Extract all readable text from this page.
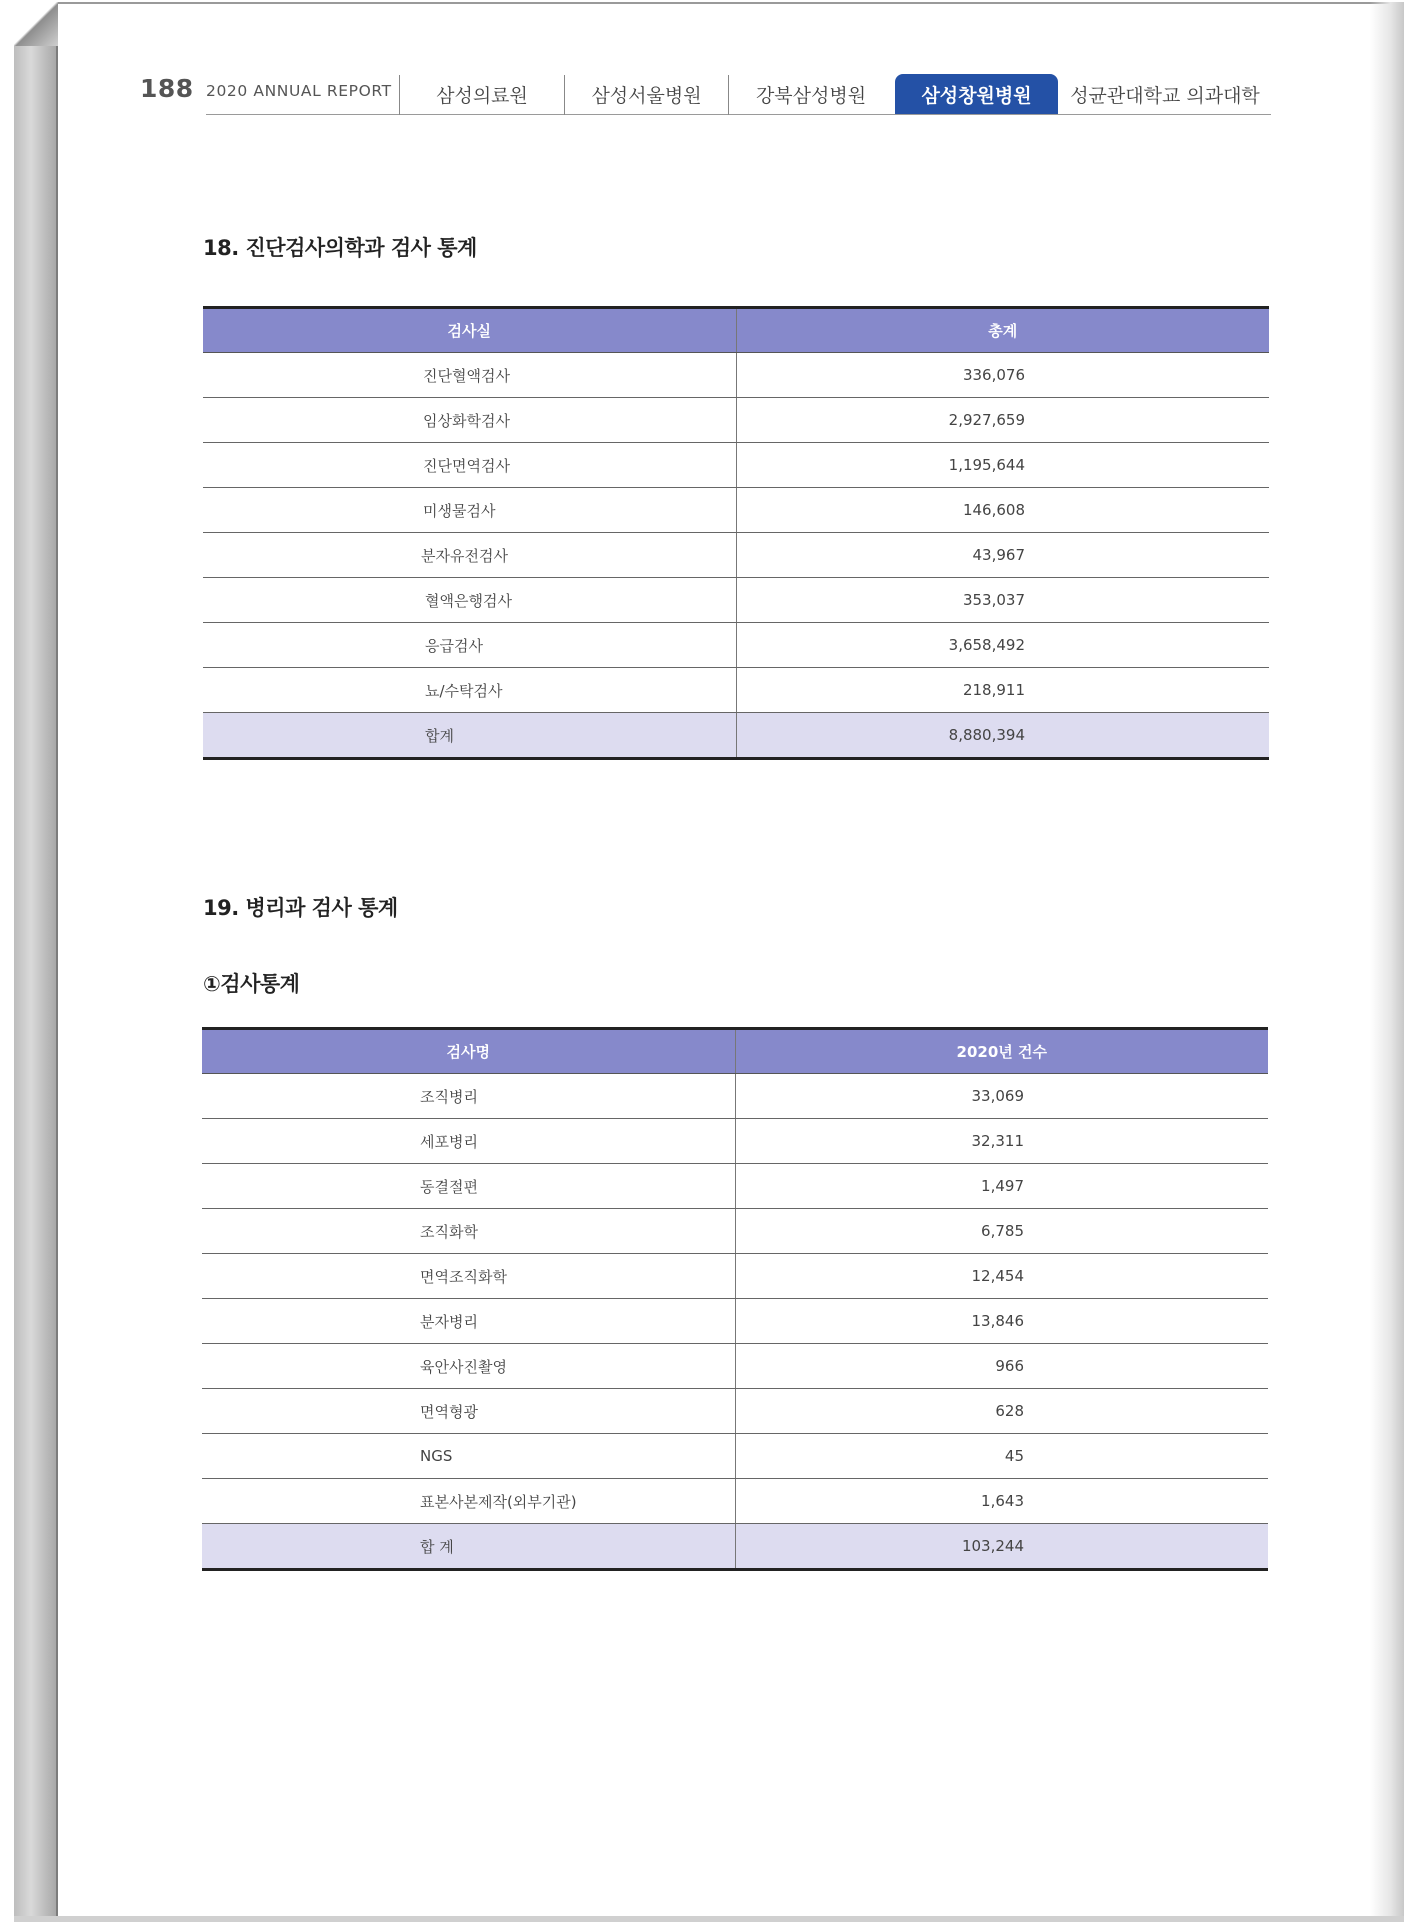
188 2020 ANNUAL REPORT	삼성의료원	삼성서울병원	강북삼성병원	삼성창원병원	성균관대학교 의과대학
18. 진단검사의학과 검사 통계
검사실	총계
진단혈액검사	336,076
임상화학검사	2,927,659
진단면역검사	1,195,644
미생물검사	146,608
분자유전검사	43,967
혈액은행검사	353,037
응급검사	3,658,492
뇨/수탁검사	218,911
합계	8,880,394
19. 병리과 검사 통계
①검사통계
검사명	2020년 건수
조직병리	33,069
세포병리	32,311
동결절편	1,497
조직화학	6,785
면역조직화학	12,454
분자병리	13,846
육안사진촬영	966
면역형광	628
NGS	45
표본사본제작(외부기관)	1,643
합 계	103,244
